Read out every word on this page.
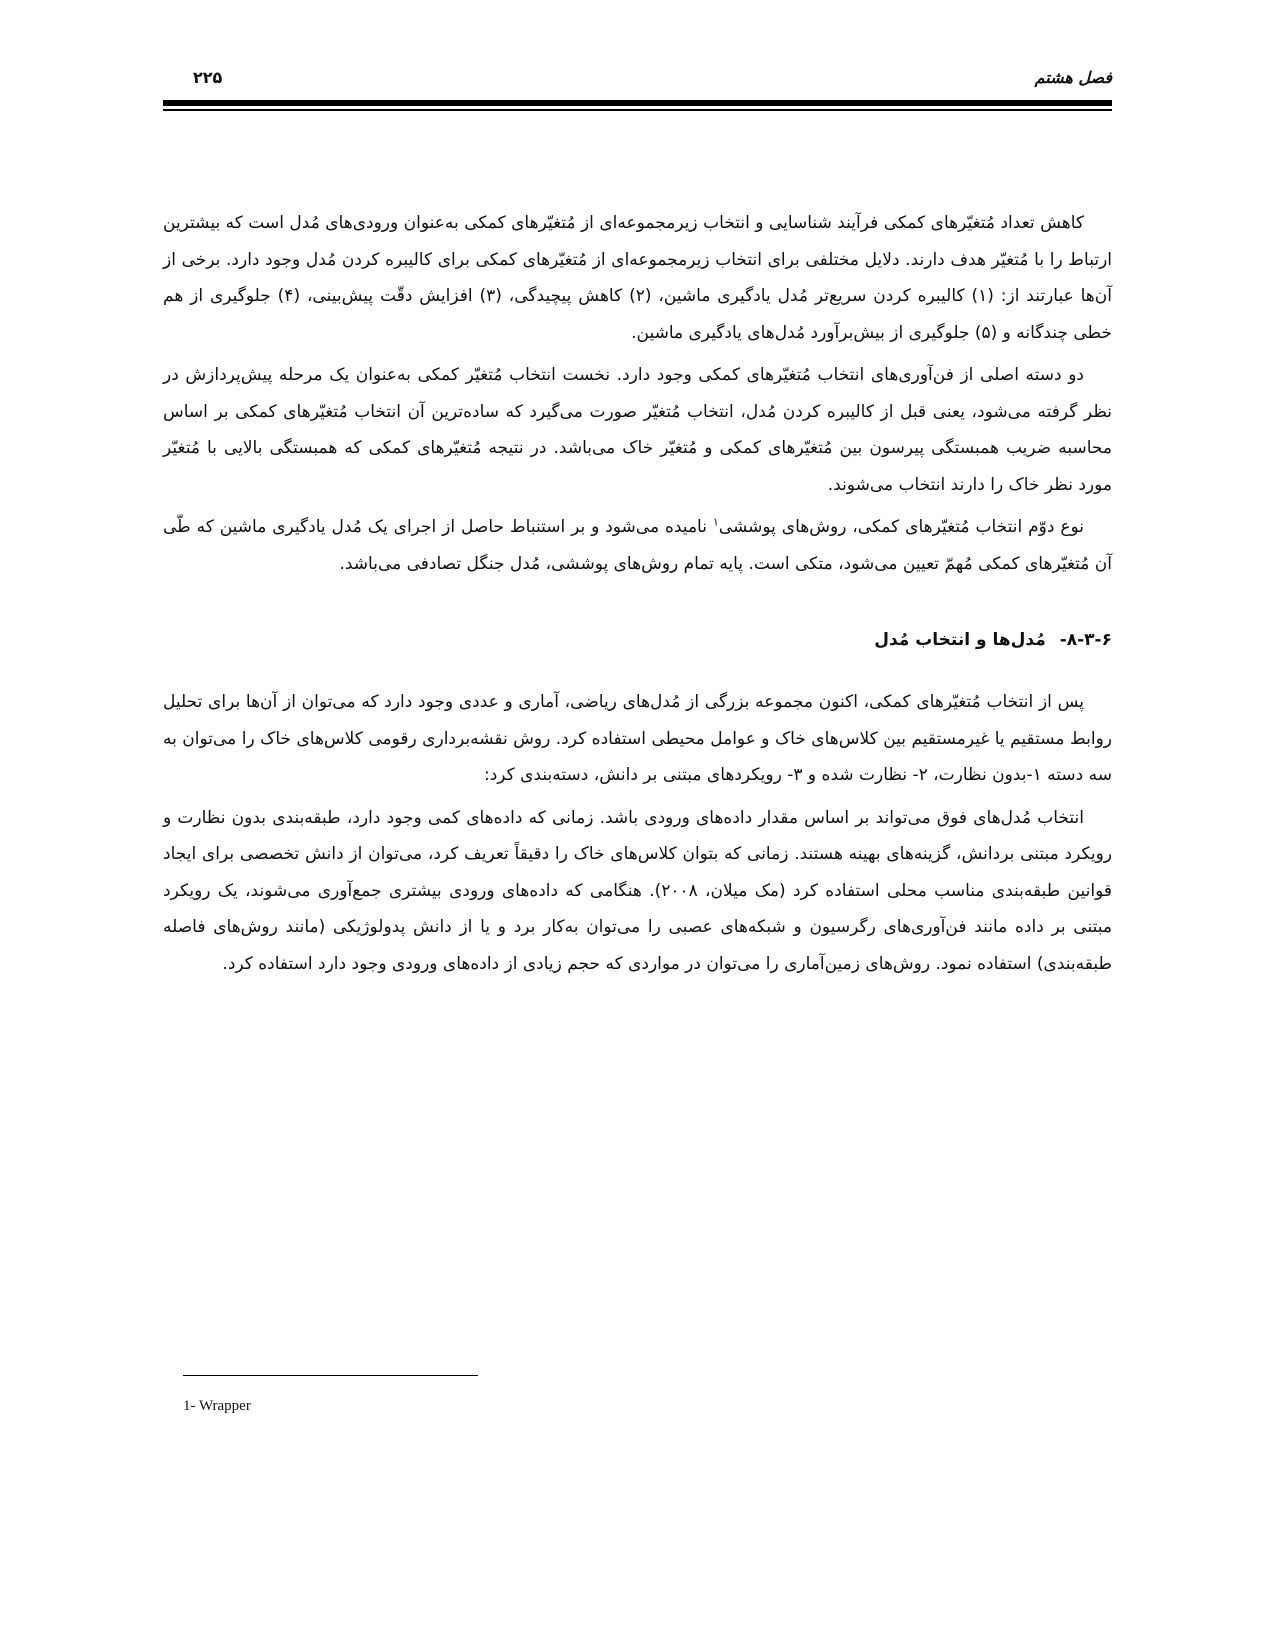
۲۲۵	فصل هشتم

کاهش تعداد مُتغیّرهای کمکی فرآیند شناسایی و انتخاب زیرمجموعه‌ای از مُتغیّرهای کمکی به‌عنوان ورودی‌های مُدل است که بیشترین ارتباط را با مُتغیّر هدف دارند. دلایل مختلفی برای انتخاب زیرمجموعه‌ای از مُتغیّرهای کمکی برای کالیبره کردن مُدل وجود دارد. برخی از آن‌ها عبارتند از: (۱) کالیبره کردن سریع‌تر مُدل یادگیری ماشین، (۲) کاهش پیچیدگی، (۳) افزایش دقّت پیش‌بینی، (۴) جلوگیری از هم خطی چندگانه و (۵) جلوگیری از بیش‌برآورد مُدل‌های یادگیری ماشین.

دو دسته اصلی از فن‌آوری‌های انتخاب مُتغیّرهای کمکی وجود دارد. نخست انتخاب مُتغیّر کمکی به‌عنوان یک مرحله پیش‌پردازش در نظر گرفته می‌شود، یعنی قبل از کالیبره کردن مُدل، انتخاب مُتغیّر صورت می‌گیرد که ساده‌ترین آن انتخاب مُتغیّرهای کمکی بر اساس محاسبه ضریب همبستگی پیرسون بین مُتغیّرهای کمکی و مُتغیّر خاک می‌باشد. در نتیجه مُتغیّرهای کمکی که همبستگی بالایی با مُتغیّر مورد نظر خاک را دارند انتخاب می‌شوند.

نوع دوّم انتخاب مُتغیّرهای کمکی، روش‌های پوششی$^۱$ نامیده می‌شود و بر استنباط حاصل از اجرای یک مُدل یادگیری ماشین که طّی آن مُتغیّرهای کمکی مُهمّ تعیین می‌شود، متکی است. پایه تمام روش‌های پوششی، مُدل جنگل تصادفی می‌باشد.

۸-۳-۶- مُدل‌ها و انتخاب مُدل

پس از انتخاب مُتغیّرهای کمکی، اکنون مجموعه بزرگی از مُدل‌های ریاضی، آماری و عددی وجود دارد که می‌توان از آن‌ها برای تحلیل روابط مستقیم یا غیرمستقیم بین کلاس‌های خاک و عوامل محیطی استفاده کرد. روش نقشه‌برداری رقومی کلاس‌های خاک را می‌توان به سه دسته ۱-بدون نظارت، ۲- نظارت شده و ۳- رویکردهای مبتنی بر دانش، دسته‌بندی کرد:

انتخاب مُدل‌های فوق می‌تواند بر اساس مقدار داده‌های ورودی باشد. زمانی که داده‌های کمی وجود دارد، طبقه‌بندی بدون نظارت و رویکرد مبتنی بردانش، گزینه‌های بهینه هستند. زمانی که بتوان کلاس‌های خاک را دقیقاً تعریف کرد، می‌توان از دانش تخصصی برای ایجاد قوانین طبقه‌بندی مناسب محلی استفاده کرد (مک میلان، ۲۰۰۸). هنگامی که داده‌های ورودی بیشتری جمع‌آوری می‌شوند، یک رویکرد مبتنی بر داده مانند فن‌آوری‌های رگرسیون و شبکه‌های عصبی را می‌توان به‌کار برد و یا از دانش پدولوژیکی (مانند روش‌های فاصله طبقه‌بندی) استفاده نمود. روش‌های زمین‌آماری را می‌توان در مواردی که حجم زیادی از داده‌های ورودی وجود دارد استفاده کرد.

1- Wrapper
